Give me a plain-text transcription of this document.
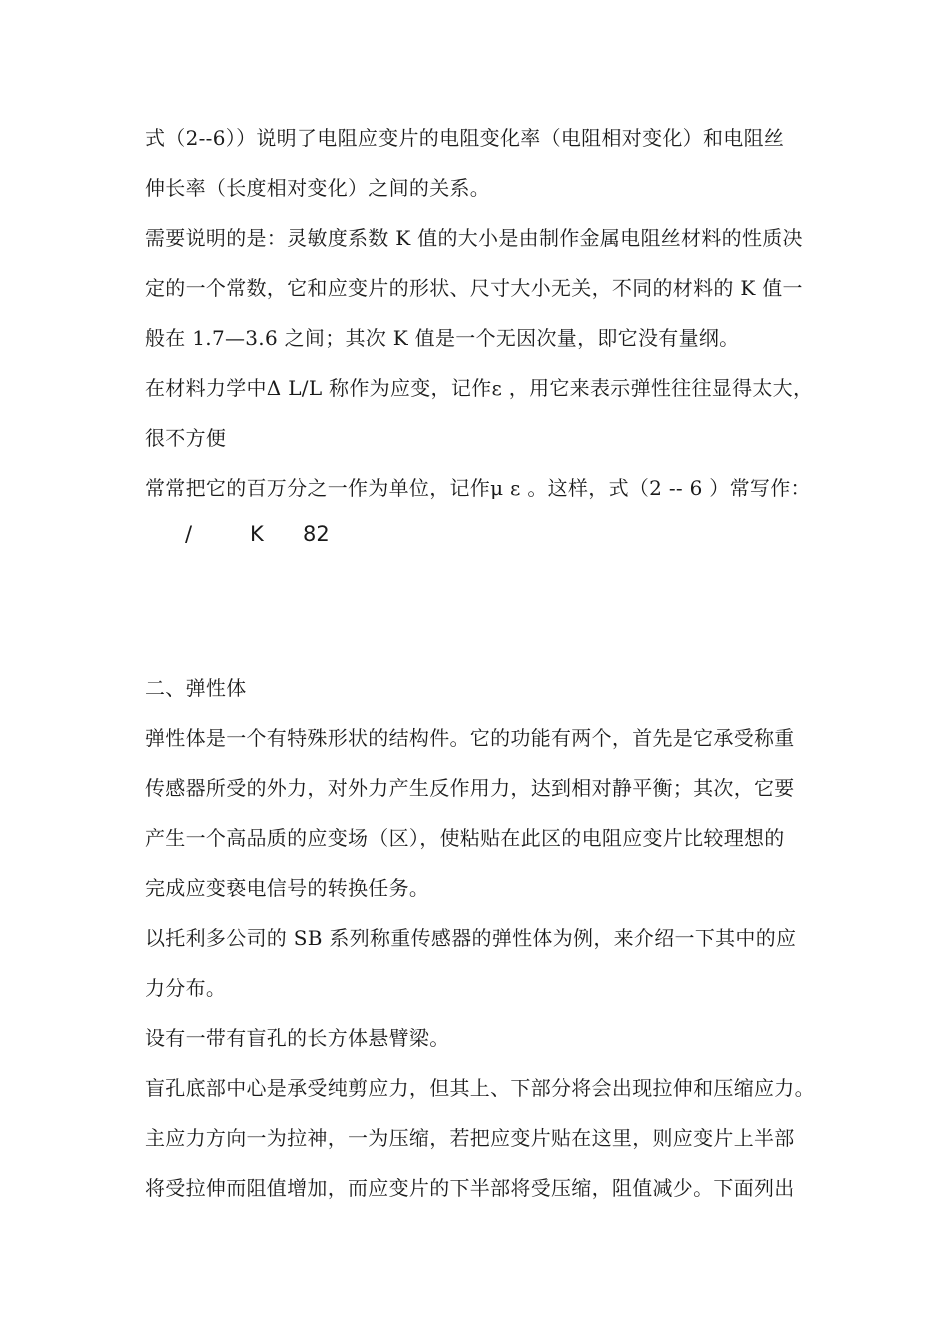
式（2--6））说明了电阻应变片的电阻变化率（电阻相对变化）和电阻丝
伸长率（长度相对变化）之间的关系。
需要说明的是：灵敏度系数 K 值的大小是由制作金属电阻丝材料的性质决
定的一个常数，它和应变片的形状、尺寸大小无关，不同的材料的 K 值一
般在 1.7—3.6 之间；其次 K 值是一个无因次量，即它没有量纲。
在材料力学中Δ L/L 称作为应变，记作ε ，用它来表示弹性往往显得太大，
很不方便
常常把它的百万分之一作为单位，记作μ ε 。这样，式（2 -- 6 ）常写作：
/	K 82
二、弹性体
弹性体是一个有特殊形状的结构件。它的功能有两个，首先是它承受称重
传感器所受的外力，对外力产生反作用力，达到相对静平衡；其次，它要
产生一个高品质的应变场（区），使粘贴在此区的电阻应变片比较理想的
完成应变亵电信号的转换任务。
以托利多公司的 SB 系列称重传感器的弹性体为例，来介绍一下其中的应
力分布。
设有一带有盲孔的长方体悬臂梁。
盲孔底部中心是承受纯剪应力，但其上、下部分将会出现拉伸和压缩应力。
主应力方向一为拉神，一为压缩，若把应变片贴在这里，则应变片上半部
将受拉伸而阻值增加，而应变片的下半部将受压缩，阻值减少。下面列出
